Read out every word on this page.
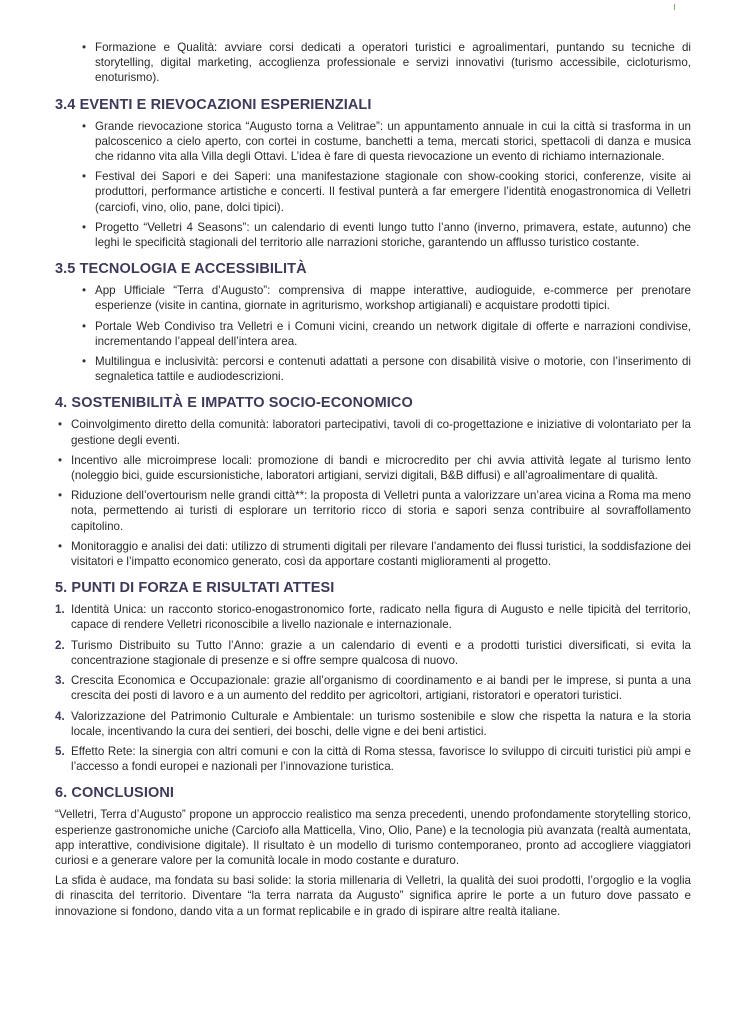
• Formazione e Qualità: avviare corsi dedicati a operatori turistici e agroalimentari, puntando su tecniche di storytelling, digital marketing, accoglienza professionale e servizi innovativi (turismo accessibile, cicloturismo, enoturismo).
3.4 EVENTI E RIEVOCAZIONI ESPERIENZIALI
• Grande rievocazione storica “Augusto torna a Velitrae”: un appuntamento annuale in cui la città si trasforma in un palcoscenico a cielo aperto, con cortei in costume, banchetti a tema, mercati storici, spettacoli di danza e musica che ridanno vita alla Villa degli Ottavi. L’idea è fare di questa rievocazione un evento di richiamo internazionale.
• Festival dei Sapori e dei Saperi: una manifestazione stagionale con show-cooking storici, conferenze, visite ai produttori, performance artistiche e concerti. Il festival punterà a far emergere l’identità enogastronomica di Velletri (carciofi, vino, olio, pane, dolci tipici).
• Progetto “Velletri 4 Seasons”: un calendario di eventi lungo tutto l’anno (inverno, primavera, estate, autunno) che leghi le specificità stagionali del territorio alle narrazioni storiche, garantendo un afflusso turistico costante.
3.5 TECNOLOGIA E ACCESSIBILITÀ
• App Ufficiale “Terra d’Augusto”: comprensiva di mappe interattive, audioguide, e-commerce per prenotare esperienze (visite in cantina, giornate in agriturismo, workshop artigianali) e acquistare prodotti tipici.
• Portale Web Condiviso tra Velletri e i Comuni vicini, creando un network digitale di offerte e narrazioni condivise, incrementando l’appeal dell’intera area.
• Multilingua e inclusività: percorsi e contenuti adattati a persone con disabilità visive o motorie, con l’inserimento di segnaletica tattile e audiodescrizioni.
4. SOSTENIBILITÀ E IMPATTO SOCIO-ECONOMICO
• Coinvolgimento diretto della comunità: laboratori partecipativi, tavoli di co-progettazione e iniziative di volontariato per la gestione degli eventi.
• Incentivo alle microimprese locali: promozione di bandi e microcredito per chi avvia attività legate al turismo lento (noleggio bici, guide escursionistiche, laboratori artigiani, servizi digitali, B&B diffusi) e all’agroalimentare di qualità.
• Riduzione dell’overtourism nelle grandi città**: la proposta di Velletri punta a valorizzare un’area vicina a Roma ma meno nota, permettendo ai turisti di esplorare un territorio ricco di storia e sapori senza contribuire al sovraffollamento capitolino.
• Monitoraggio e analisi dei dati: utilizzo di strumenti digitali per rilevare l’andamento dei flussi turistici, la soddisfazione dei visitatori e l’impatto economico generato, così da apportare costanti miglioramenti al progetto.
5. PUNTI DI FORZA E RISULTATI ATTESI
1. Identità Unica: un racconto storico-enogastronomico forte, radicato nella figura di Augusto e nelle tipicità del territorio, capace di rendere Velletri riconoscibile a livello nazionale e internazionale.
2. Turismo Distribuito su Tutto l’Anno: grazie a un calendario di eventi e a prodotti turistici diversificati, si evita la concentrazione stagionale di presenze e si offre sempre qualcosa di nuovo.
3. Crescita Economica e Occupazionale: grazie all’organismo di coordinamento e ai bandi per le imprese, si punta a una crescita dei posti di lavoro e a un aumento del reddito per agricoltori, artigiani, ristoratori e operatori turistici.
4. Valorizzazione del Patrimonio Culturale e Ambientale: un turismo sostenibile e slow che rispetta la natura e la storia locale, incentivando la cura dei sentieri, dei boschi, delle vigne e dei beni artistici.
5. Effetto Rete: la sinergia con altri comuni e con la città di Roma stessa, favorisce lo sviluppo di circuiti turistici più ampi e l’accesso a fondi europei e nazionali per l’innovazione turistica.
6. CONCLUSIONI

“Velletri, Terra d’Augusto” propone un approccio realistico ma senza precedenti, unendo profondamente storytelling storico, esperienze gastronomiche uniche (Carciofo alla Matticella, Vino, Olio, Pane) e la tecnologia più avanzata (realtà aumentata, app interattive, condivisione digitale). Il risultato è un modello di turismo contemporaneo, pronto ad accogliere viaggiatori curiosi e a generare valore per la comunità locale in modo costante e duraturo.

La sfida è audace, ma fondata su basi solide: la storia millenaria di Velletri, la qualità dei suoi prodotti, l’orgoglio e la voglia di rinascita del territorio. Diventare “la terra narrata da Augusto” significa aprire le porte a un futuro dove passato e innovazione si fondono, dando vita a un format replicabile e in grado di ispirare altre realtà italiane.
